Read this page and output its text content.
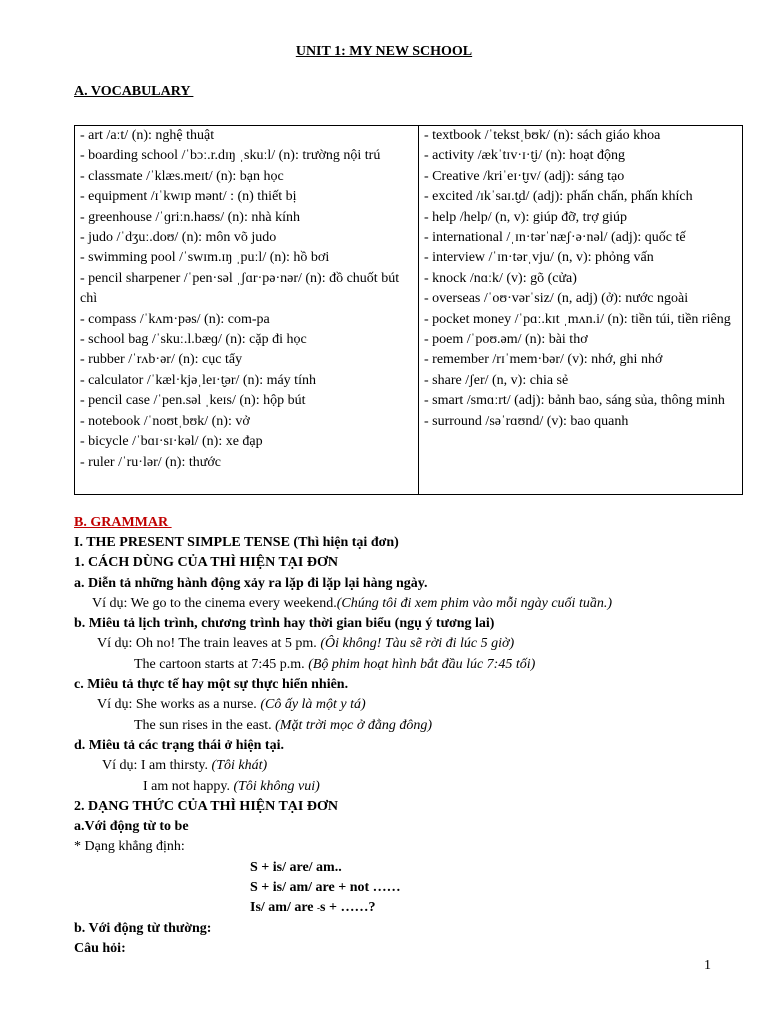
UNIT 1: MY NEW SCHOOL
A. VOCABULARY
- art /aːt/ (n): nghệ thuật
- boarding school /ˈbɔː.r.dɪŋ ˌskuːl/ (n): trường nội trú
- classmate /ˈklæs.meɪt/ (n): bạn học
- equipment /ɪˈkwɪp mənt/ : (n) thiết bị
- greenhouse /ˈɡriːn.haʊs/ (n): nhà kính
- judo /ˈdʒuː.doʊ/ (n): môn võ judo
- swimming pool /ˈswɪm.ɪŋ ˌpuːl/ (n): hồ bơi
- pencil sharpener /ˈpen·səl ˌʃɑr·pə·nər/ (n): đồ chuốt bút chì
- compass /ˈkʌm·pəs/ (n): com-pa
- school bag /ˈskuː.l.bæɡ/ (n): cặp đi học
- rubber /ˈrʌb·ər/ (n): cục tẩy
- calculator /ˈkæl·kjəˌleɪ·t̬ər/ (n): máy tính
- pencil case /ˈpen.səl ˌkeɪs/ (n): hộp bút
- notebook /ˈnoʊtˌbʊk/ (n): vở
- bicycle /ˈbɑɪ·sɪ·kəl/ (n): xe đạp
- ruler /ˈru·lər/ (n): thước
- textbook /ˈtekstˌbʊk/ (n): sách giáo khoa
- activity /ækˈtɪv·ɪ·t̬i/ (n): hoạt động
- Creative /kriˈeɪ·t̬ɪv/ (adj): sáng tạo
- excited /ɪkˈsaɪ.t̬d/ (adj): phấn chấn, phấn khích
- help /help/ (n, v): giúp đỡ, trợ giúp
- international /ˌɪn·tərˈnæʃ·ə·nəl/ (adj): quốc tế
- interview /ˈɪn·tərˌvju/ (n, v): phỏng vấn
- knock /nɑːk/ (v): gõ (cửa)
- overseas /ˈoʊ·vərˈsiz/ (n, adj) (ở): nước ngoài
- pocket money /ˈpɑː.kɪt ˌmʌn.i/ (n): tiền túi, tiền riêng
- poem /ˈpoʊ.əm/ (n): bài thơ
- remember /rɪˈmem·bər/ (v): nhớ, ghi nhớ
- share /ʃer/ (n, v): chia sẻ
- smart /smɑːrt/ (adj): bảnh bao, sáng sủa, thông minh
- surround /səˈrɑʊnd/ (v): bao quanh
B. GRAMMAR
I. THE PRESENT SIMPLE TENSE (Thì hiện tại đơn)
1. CÁCH DÙNG CỦA THÌ HIỆN TẠI ĐƠN
a. Diễn tả những hành động xảy ra lặp đi lặp lại hàng ngày.
Ví dụ: We go to the cinema every weekend.(Chúng tôi đi xem phim vào mỗi ngày cuối tuần.)
b. Miêu tả lịch trình, chương trình hay thời gian biểu (ngụ ý tương lai)
Ví dụ: Oh no! The train leaves at 5 pm. (Ôi không! Tàu sẽ rời đi lúc 5 giờ)
The cartoon starts at 7:45 p.m. (Bộ phim hoạt hình bắt đầu lúc 7:45 tối)
c. Miêu tả thực tế hay một sự thực hiển nhiên.
Ví dụ: She works as a nurse. (Cô ấy là một y tá)
The sun rises in the east. (Mặt trời mọc ở đằng đông)
d. Miêu tả các trạng thái ở hiện tại.
Ví dụ: I am thirsty. (Tôi khát)
I am not happy. (Tôi không vui)
2. DẠNG THỨC CỦA THÌ HIỆN TẠI ĐƠN
a.Với động từ to be
* Dạng khẳng định:
S + is/ are/ am..
S + is/ am/ are + not ……
Is/ am/ are -s + ……?
b. Với động từ thường:
Câu hỏi:
1
